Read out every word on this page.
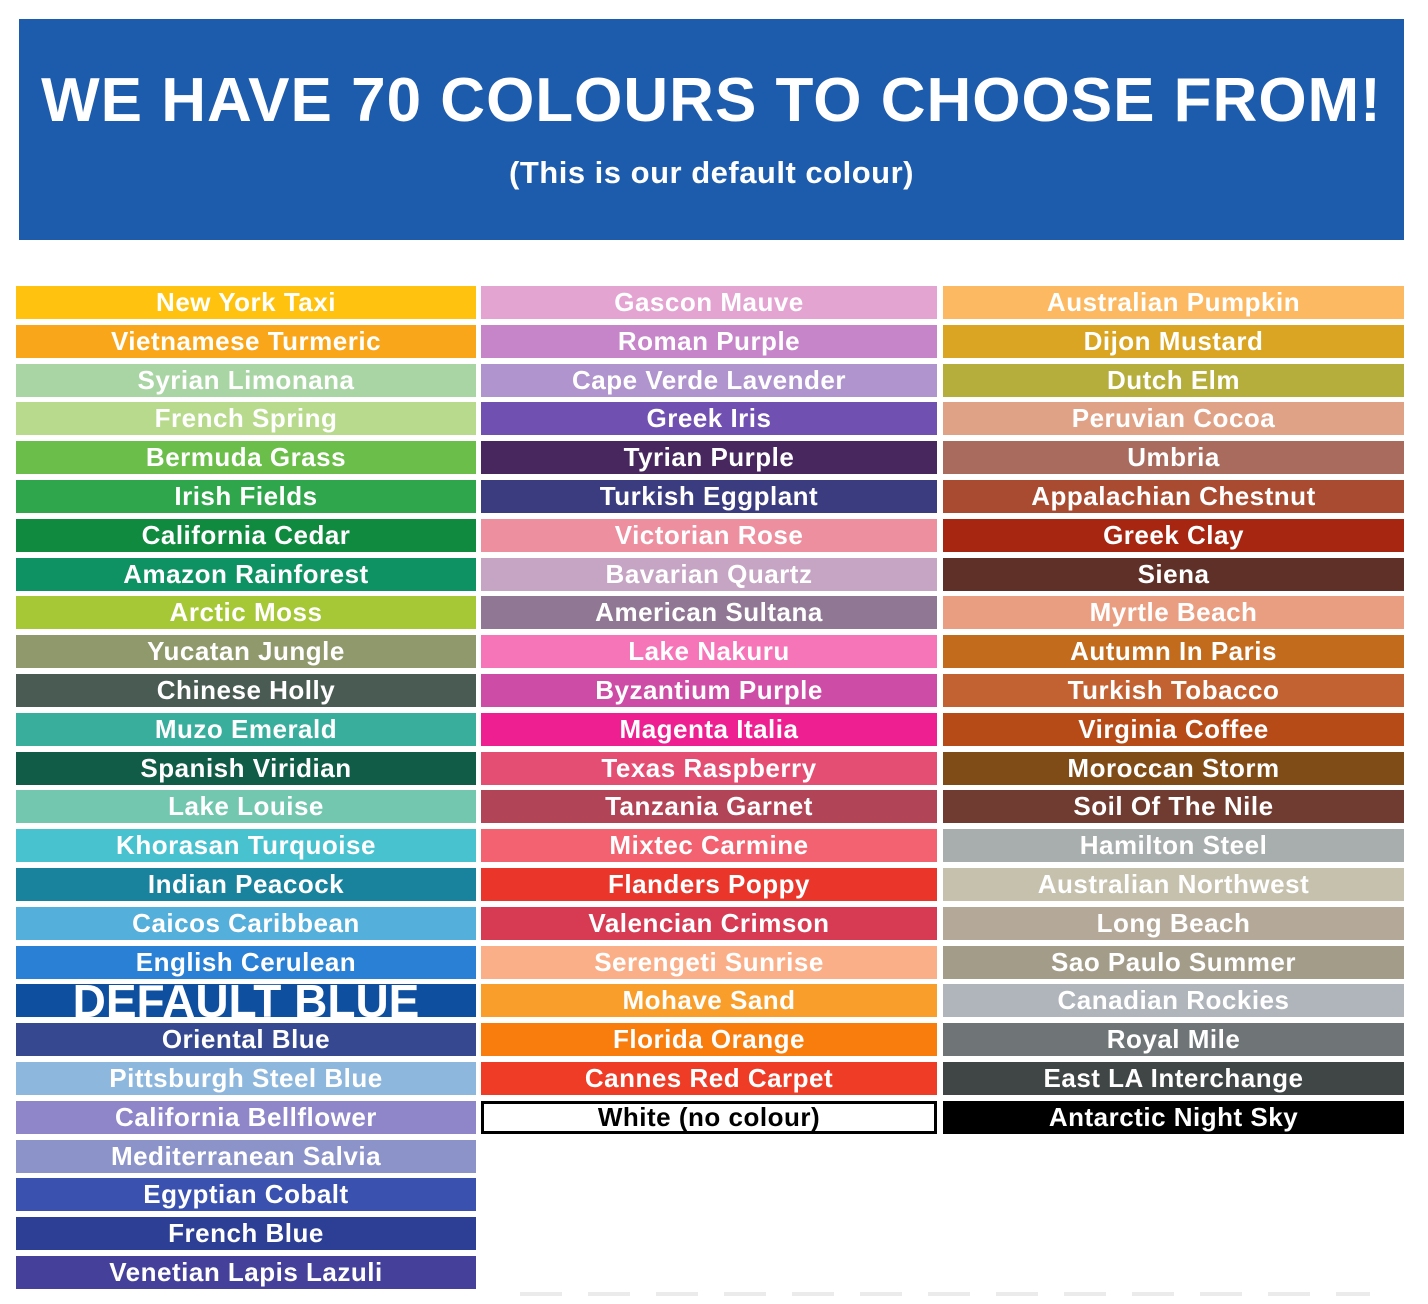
WE HAVE 70 COLOURS TO CHOOSE FROM!
(This is our default colour)
New York Taxi
Vietnamese Turmeric
Syrian Limonana
French Spring
Bermuda Grass
Irish Fields
California Cedar
Amazon Rainforest
Arctic Moss
Yucatan Jungle
Chinese Holly
Muzo Emerald
Spanish Viridian
Lake Louise
Khorasan Turquoise
Indian Peacock
Caicos Caribbean
English Cerulean
DEFAULT BLUE
Oriental Blue
Pittsburgh Steel Blue
California Bellflower
Mediterranean Salvia
Egyptian Cobalt
French Blue
Venetian Lapis Lazuli
Gascon Mauve
Roman Purple
Cape Verde Lavender
Greek Iris
Tyrian Purple
Turkish Eggplant
Victorian Rose
Bavarian Quartz
American Sultana
Lake Nakuru
Byzantium Purple
Magenta Italia
Texas Raspberry
Tanzania Garnet
Mixtec Carmine
Flanders Poppy
Valencian Crimson
Serengeti Sunrise
Mohave Sand
Florida Orange
Cannes Red Carpet
White (no colour)
Australian Pumpkin
Dijon Mustard
Dutch Elm
Peruvian Cocoa
Umbria
Appalachian Chestnut
Greek Clay
Siena
Myrtle Beach
Autumn In Paris
Turkish Tobacco
Virginia Coffee
Moroccan Storm
Soil Of The Nile
Hamilton Steel
Australian Northwest
Long Beach
Sao Paulo Summer
Canadian Rockies
Royal Mile
East LA Interchange
Antarctic Night Sky
